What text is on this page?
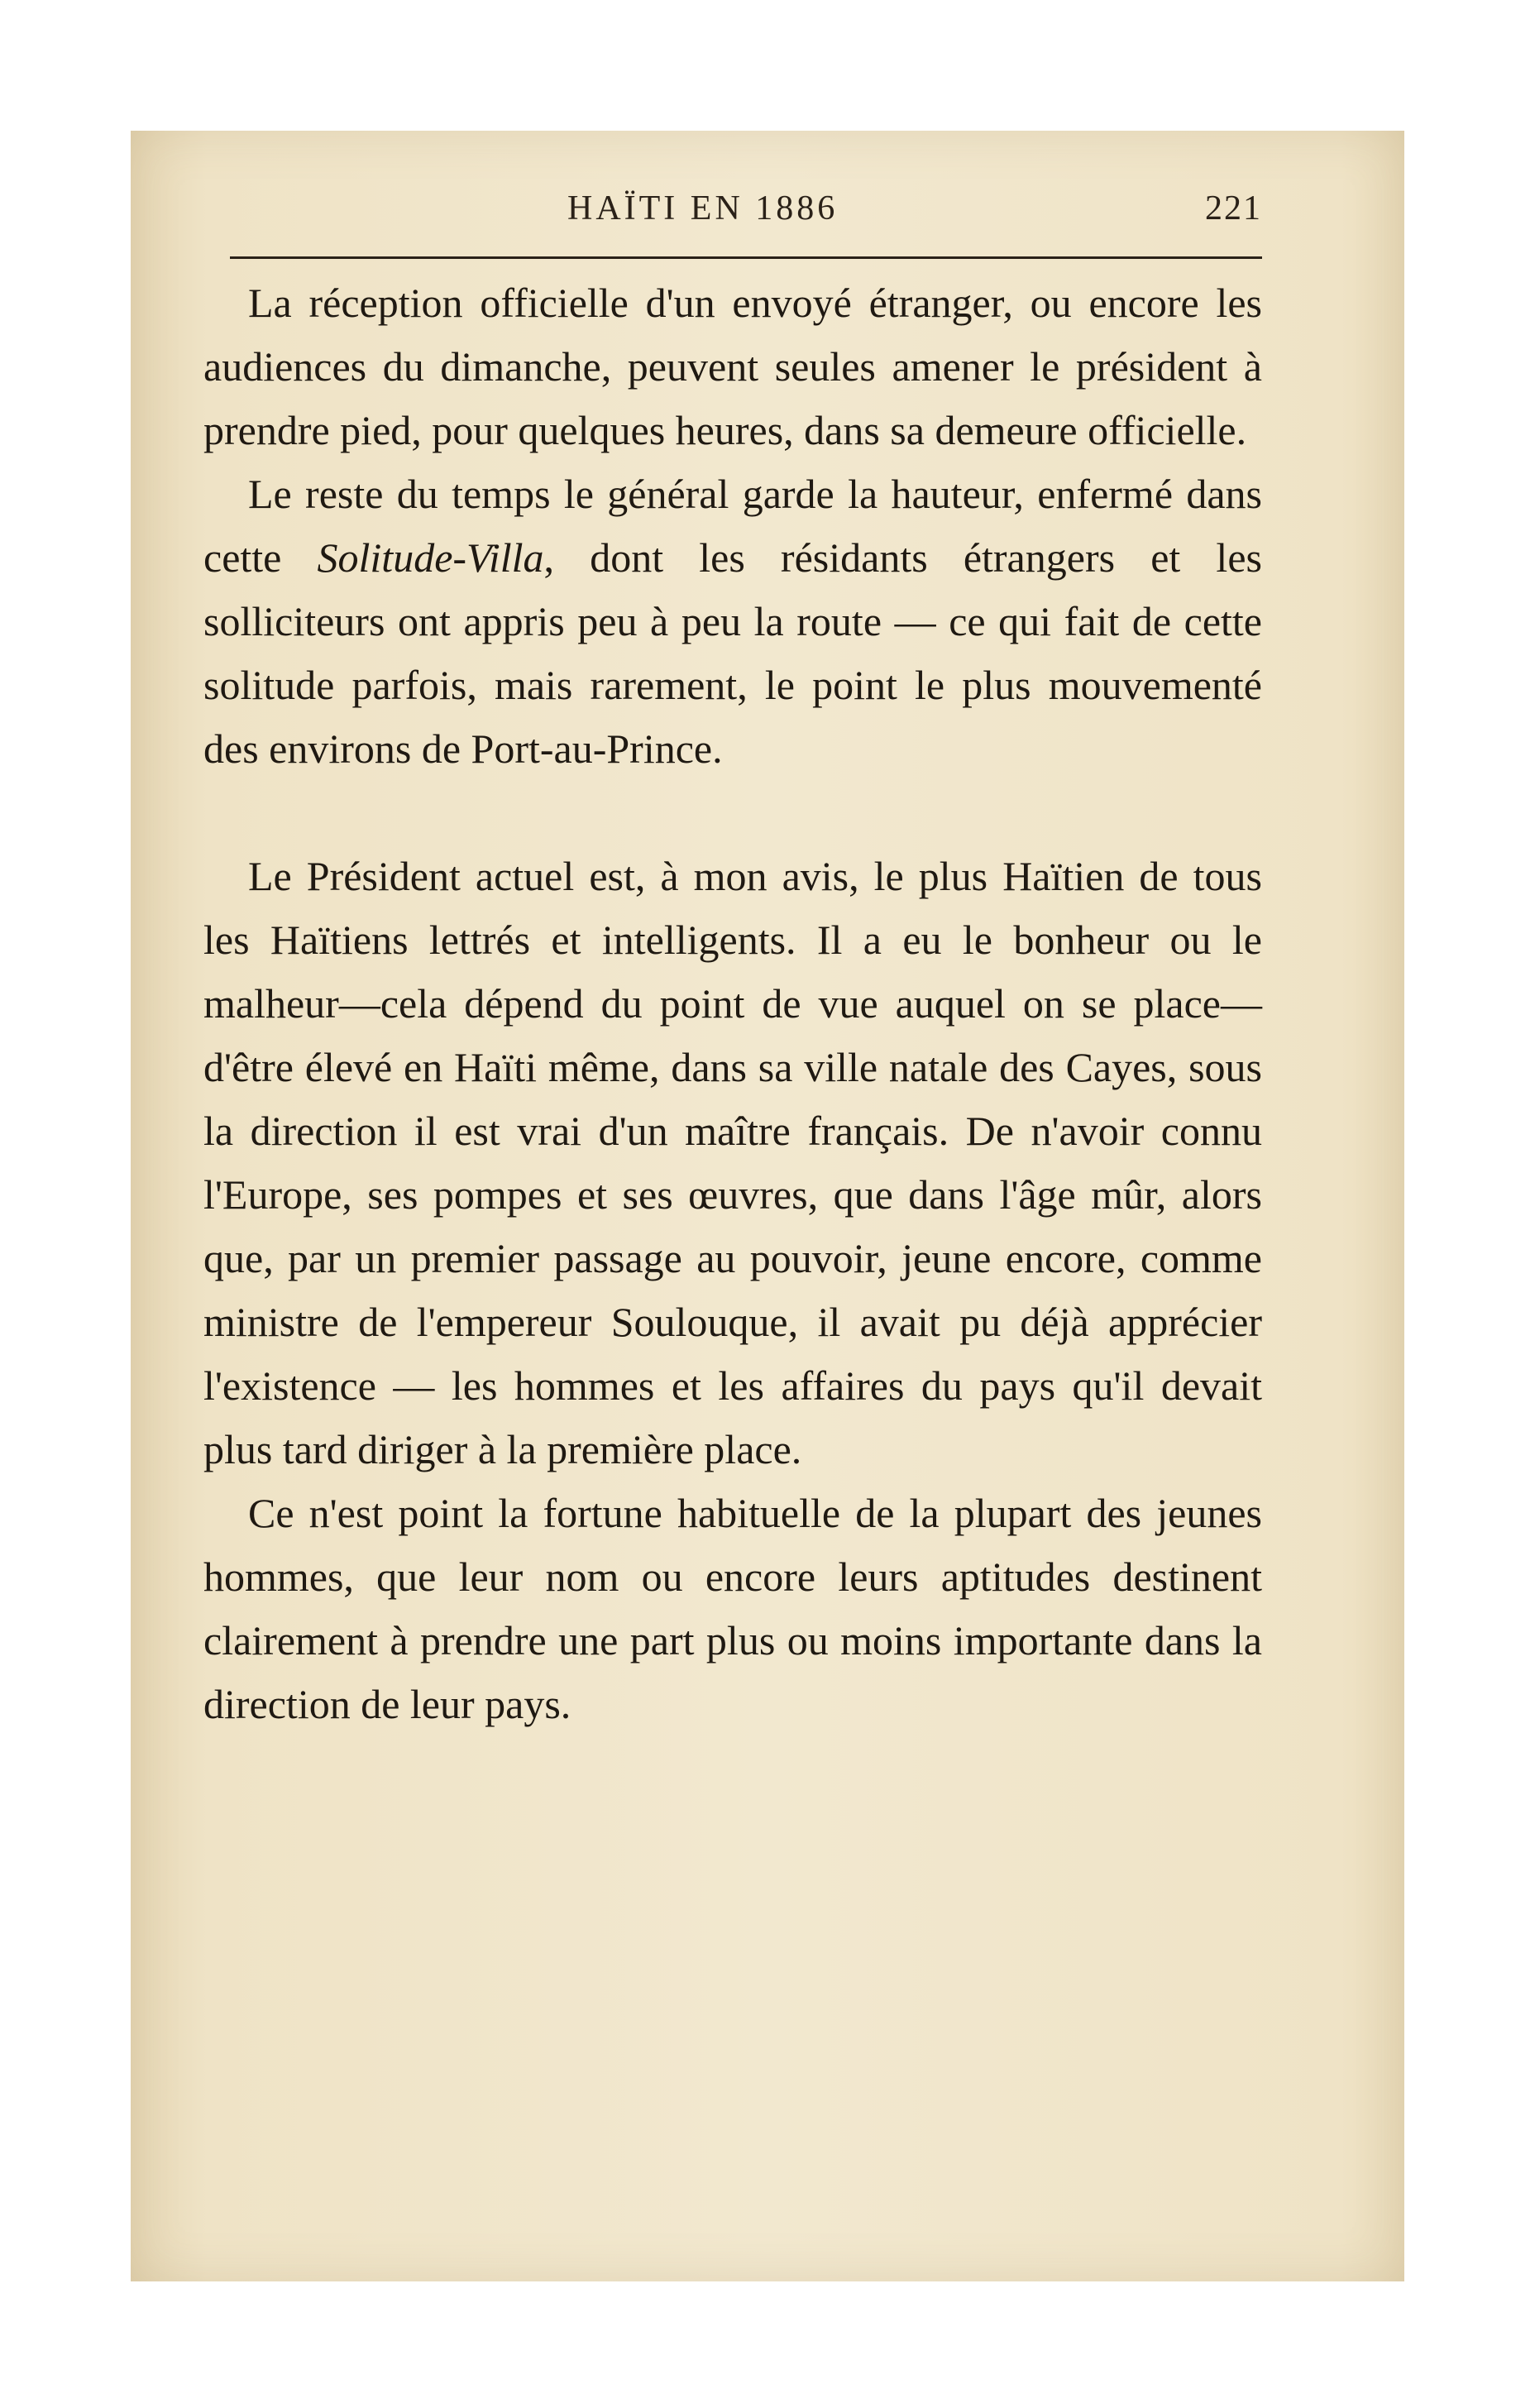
HAÏTI EN 1886	221

La réception officielle d'un envoyé étranger, ou encore les audiences du dimanche, peuvent seules amener le président à prendre pied, pour quelques heures, dans sa demeure officielle.

Le reste du temps le général garde la hauteur, enfermé dans cette Solitude-Villa, dont les résidants étrangers et les solliciteurs ont appris peu à peu la route — ce qui fait de cette solitude parfois, mais rarement, le point le plus mouvementé des environs de Port-au-Prince.

Le Président actuel est, à mon avis, le plus Haïtien de tous les Haïtiens lettrés et intelligents. Il a eu le bonheur ou le malheur—cela dépend du point de vue auquel on se place—d'être élevé en Haïti même, dans sa ville natale des Cayes, sous la direction il est vrai d'un maître français. De n'avoir connu l'Europe, ses pompes et ses œuvres, que dans l'âge mûr, alors que, par un premier passage au pouvoir, jeune encore, comme ministre de l'empereur Soulouque, il avait pu déjà apprécier l'existence — les hommes et les affaires du pays qu'il devait plus tard diriger à la première place.

Ce n'est point la fortune habituelle de la plupart des jeunes hommes, que leur nom ou encore leurs aptitudes destinent clairement à prendre une part plus ou moins importante dans la direction de leur pays.
